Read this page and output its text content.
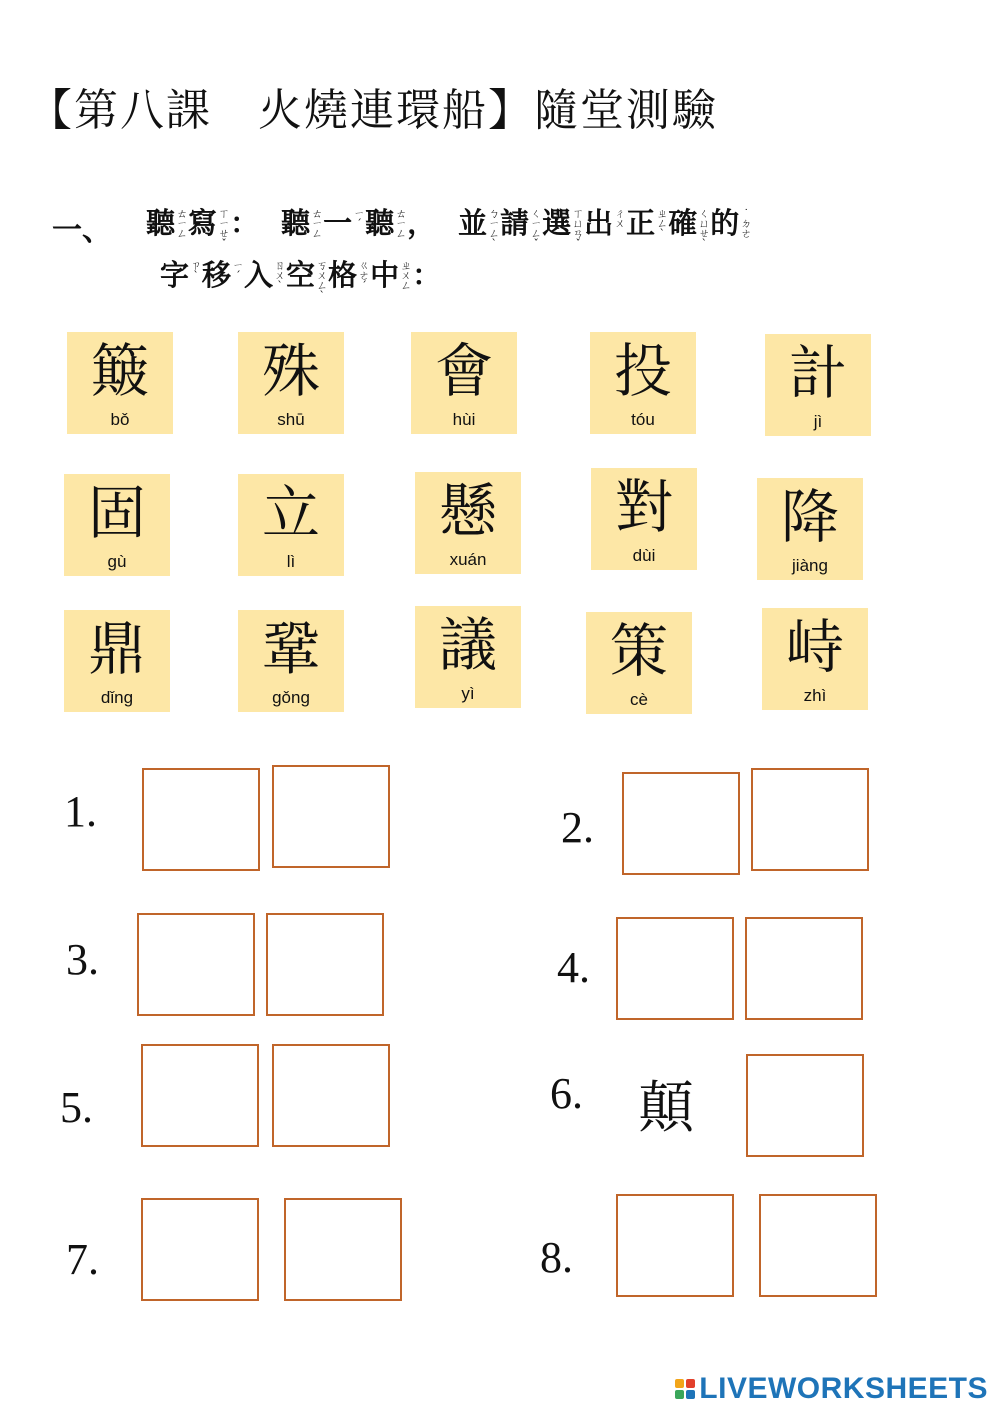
【第八課　火燒連環船】隨堂測驗
一、	聽 ㄊ
ㄧ
ㄥ 寫 ㄒ
ㄧ
ㄝ
ˇ
： 聽 ㄊ
ㄧ
ㄥ 一 ㄧ
ˊ 聽 ㄊ
ㄧ
ㄥ ， 並 ㄅ
ㄧ
ㄥ
ˋ
請 ㄑ
ㄧ
ㄥ
ˇ
選 ㄒ
ㄩ
ㄢ
ˇ
出 ㄔ
ㄨ 正 ㄓ
ㄥ
ˋ 確 ㄑ
ㄩ
ㄝ
ˋ
的 ˙
ㄉ
ㄜ
字 ㄗ
ˋ 移 ㄧ
ˊ 入 ㄖ
ㄨ
ˋ 空 ㄎ
ㄨ
ㄥ
ˋ
格 ㄍ
ㄜ
ˊ 中 ㄓ
ㄨ
ㄥ ：
簸
bǒ
殊
shū
會
hùi
投
tóu
計
jì
固
gù
立
lì
懸
xuán
對
dùi
降
jiàng
鼎
dǐng
鞏
gǒng
議
yì
策
cè
峙
zhì
1.	2.
3.	4.
5.	6.
7.	8.
顛
LIVEWORKSHEETS
